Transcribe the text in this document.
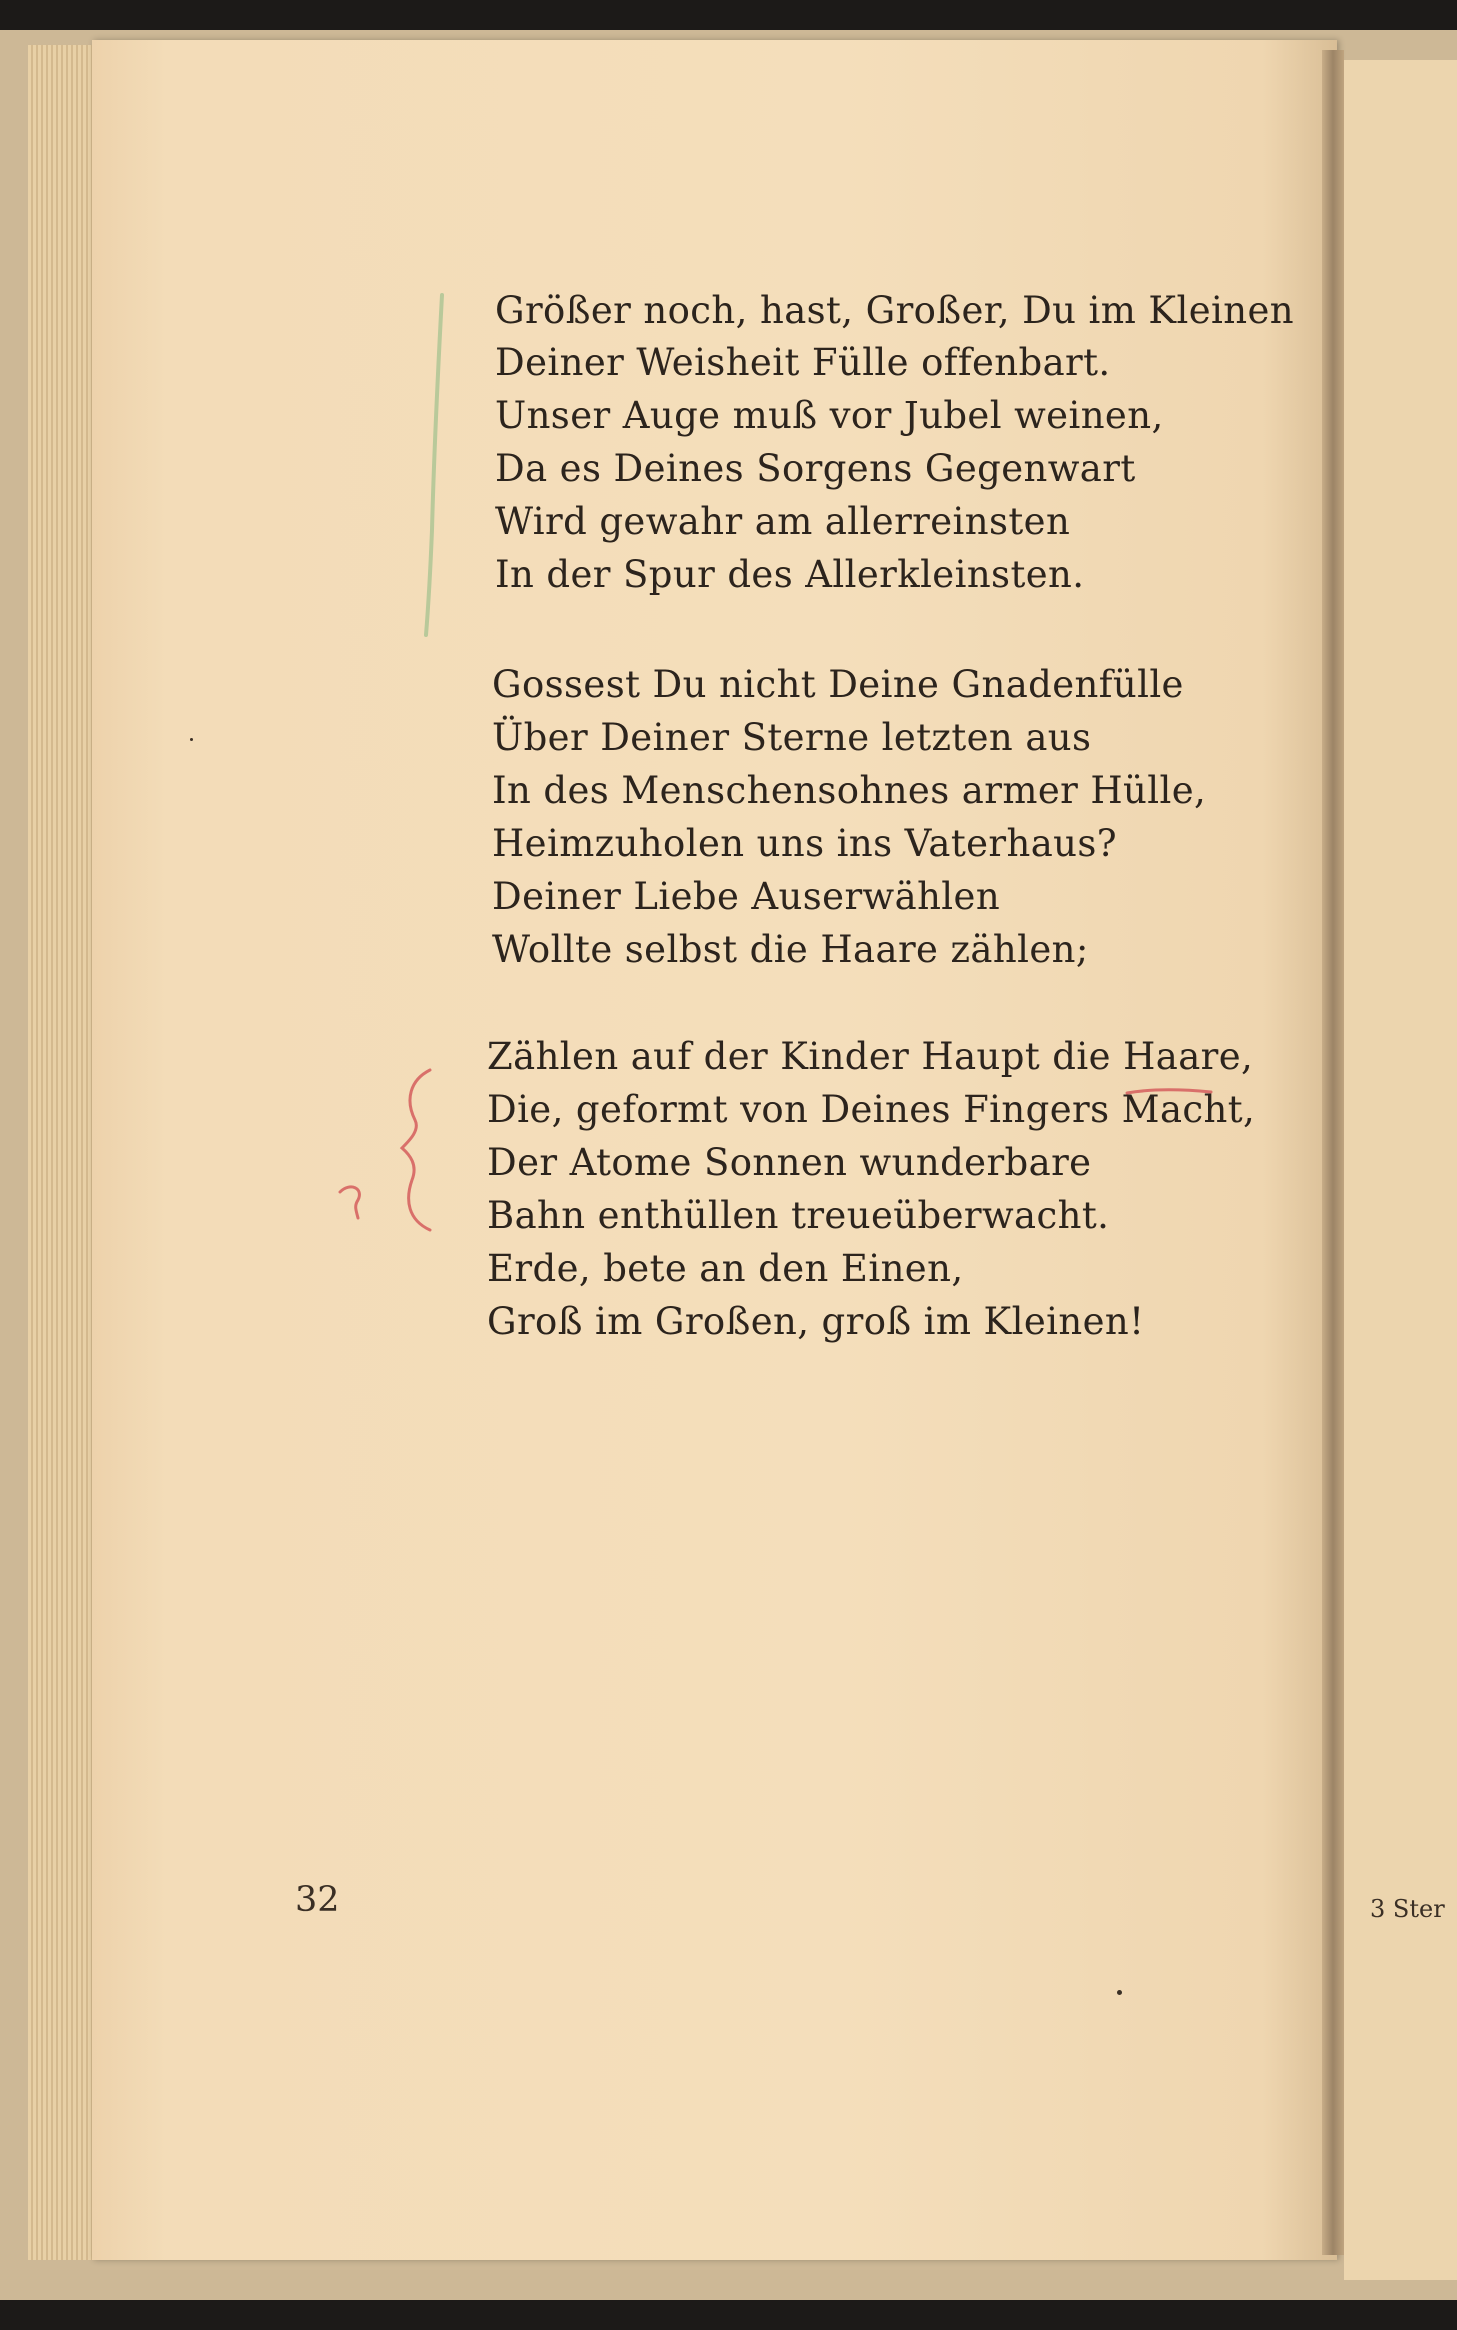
Größer noch, hast, Großer, Du im Kleinen
Deiner Weisheit Fülle offenbart.
Unser Auge muß vor Jubel weinen,
Da es Deines Sorgens Gegenwart
Wird gewahr am allerreinsten
In der Spur des Allerkleinsten.
Gossest Du nicht Deine Gnadenfülle
Über Deiner Sterne letzten aus
In des Menschensohnes armer Hülle,
Heimzuholen uns ins Vaterhaus?
Deiner Liebe Auserwählen
Wollte selbst die Haare zählen;
Zählen auf der Kinder Haupt die Haare,
Die, geformt von Deines Fingers Macht,
Der Atome Sonnen wunderbare
Bahn enthüllen treueüberwacht.
Erde, bete an den Einen,
Groß im Großen, groß im Kleinen!
32	3 Ster
